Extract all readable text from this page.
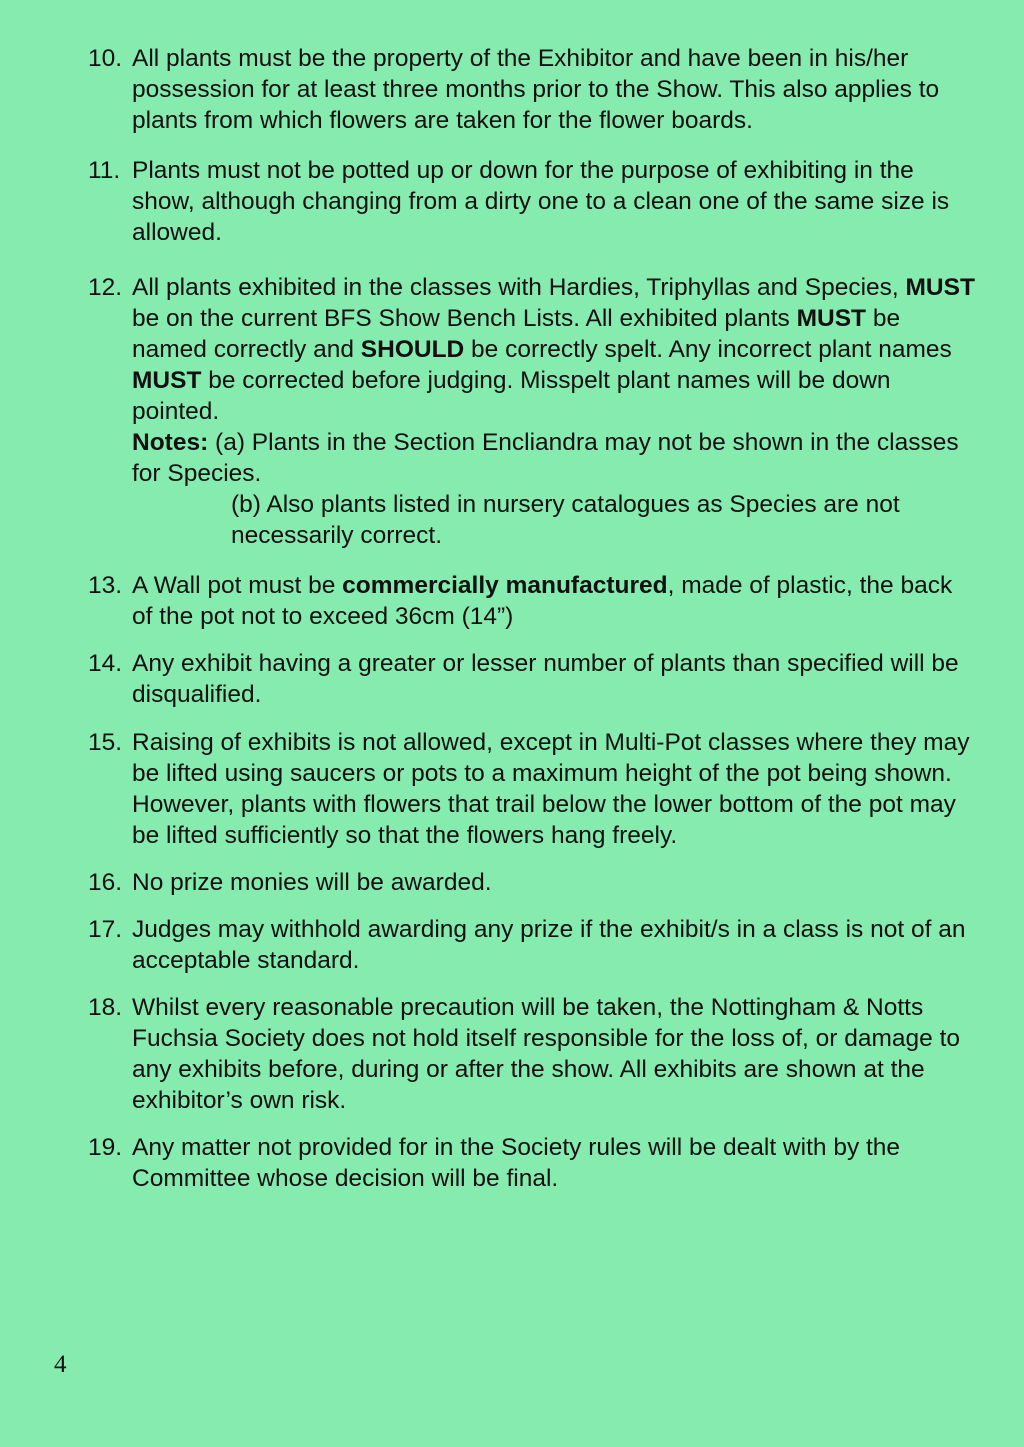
10. All plants must be the property of the Exhibitor and have been in his/her possession for at least three months prior to the Show. This also applies to plants from which flowers are taken for the flower boards.
11. Plants must not be potted up or down for the purpose of exhibiting in the show, although changing from a dirty one to a clean one of the same size is allowed.
12. All plants exhibited in the classes with Hardies, Triphyllas and Species, MUST be on the current BFS Show Bench Lists. All exhibited plants MUST be named correctly and SHOULD be correctly spelt. Any incorrect plant names MUST be corrected before judging. Misspelt plant names will be down pointed.
Notes: (a) Plants in the Section Encliandra may not be shown in the classes for Species.
(b) Also plants listed in nursery catalogues as Species are not necessarily correct.
13. A Wall pot must be commercially manufactured, made of plastic, the back of the pot not to exceed 36cm (14”)
14. Any exhibit having a greater or lesser number of plants than specified will be disqualified.
15. Raising of exhibits is not allowed, except in Multi-Pot classes where they may be lifted using saucers or pots to a maximum height of the pot being shown. However, plants with flowers that trail below the lower bottom of the pot may be lifted sufficiently so that the flowers hang freely.
16. No prize monies will be awarded.
17. Judges may withhold awarding any prize if the exhibit/s in a class is not of an acceptable standard.
18. Whilst every reasonable precaution will be taken, the Nottingham & Notts Fuchsia Society does not hold itself responsible for the loss of, or damage to any exhibits before, during or after the show. All exhibits are shown at the exhibitor’s own risk.
19. Any matter not provided for in the Society rules will be dealt with by the Committee whose decision will be final.
4
